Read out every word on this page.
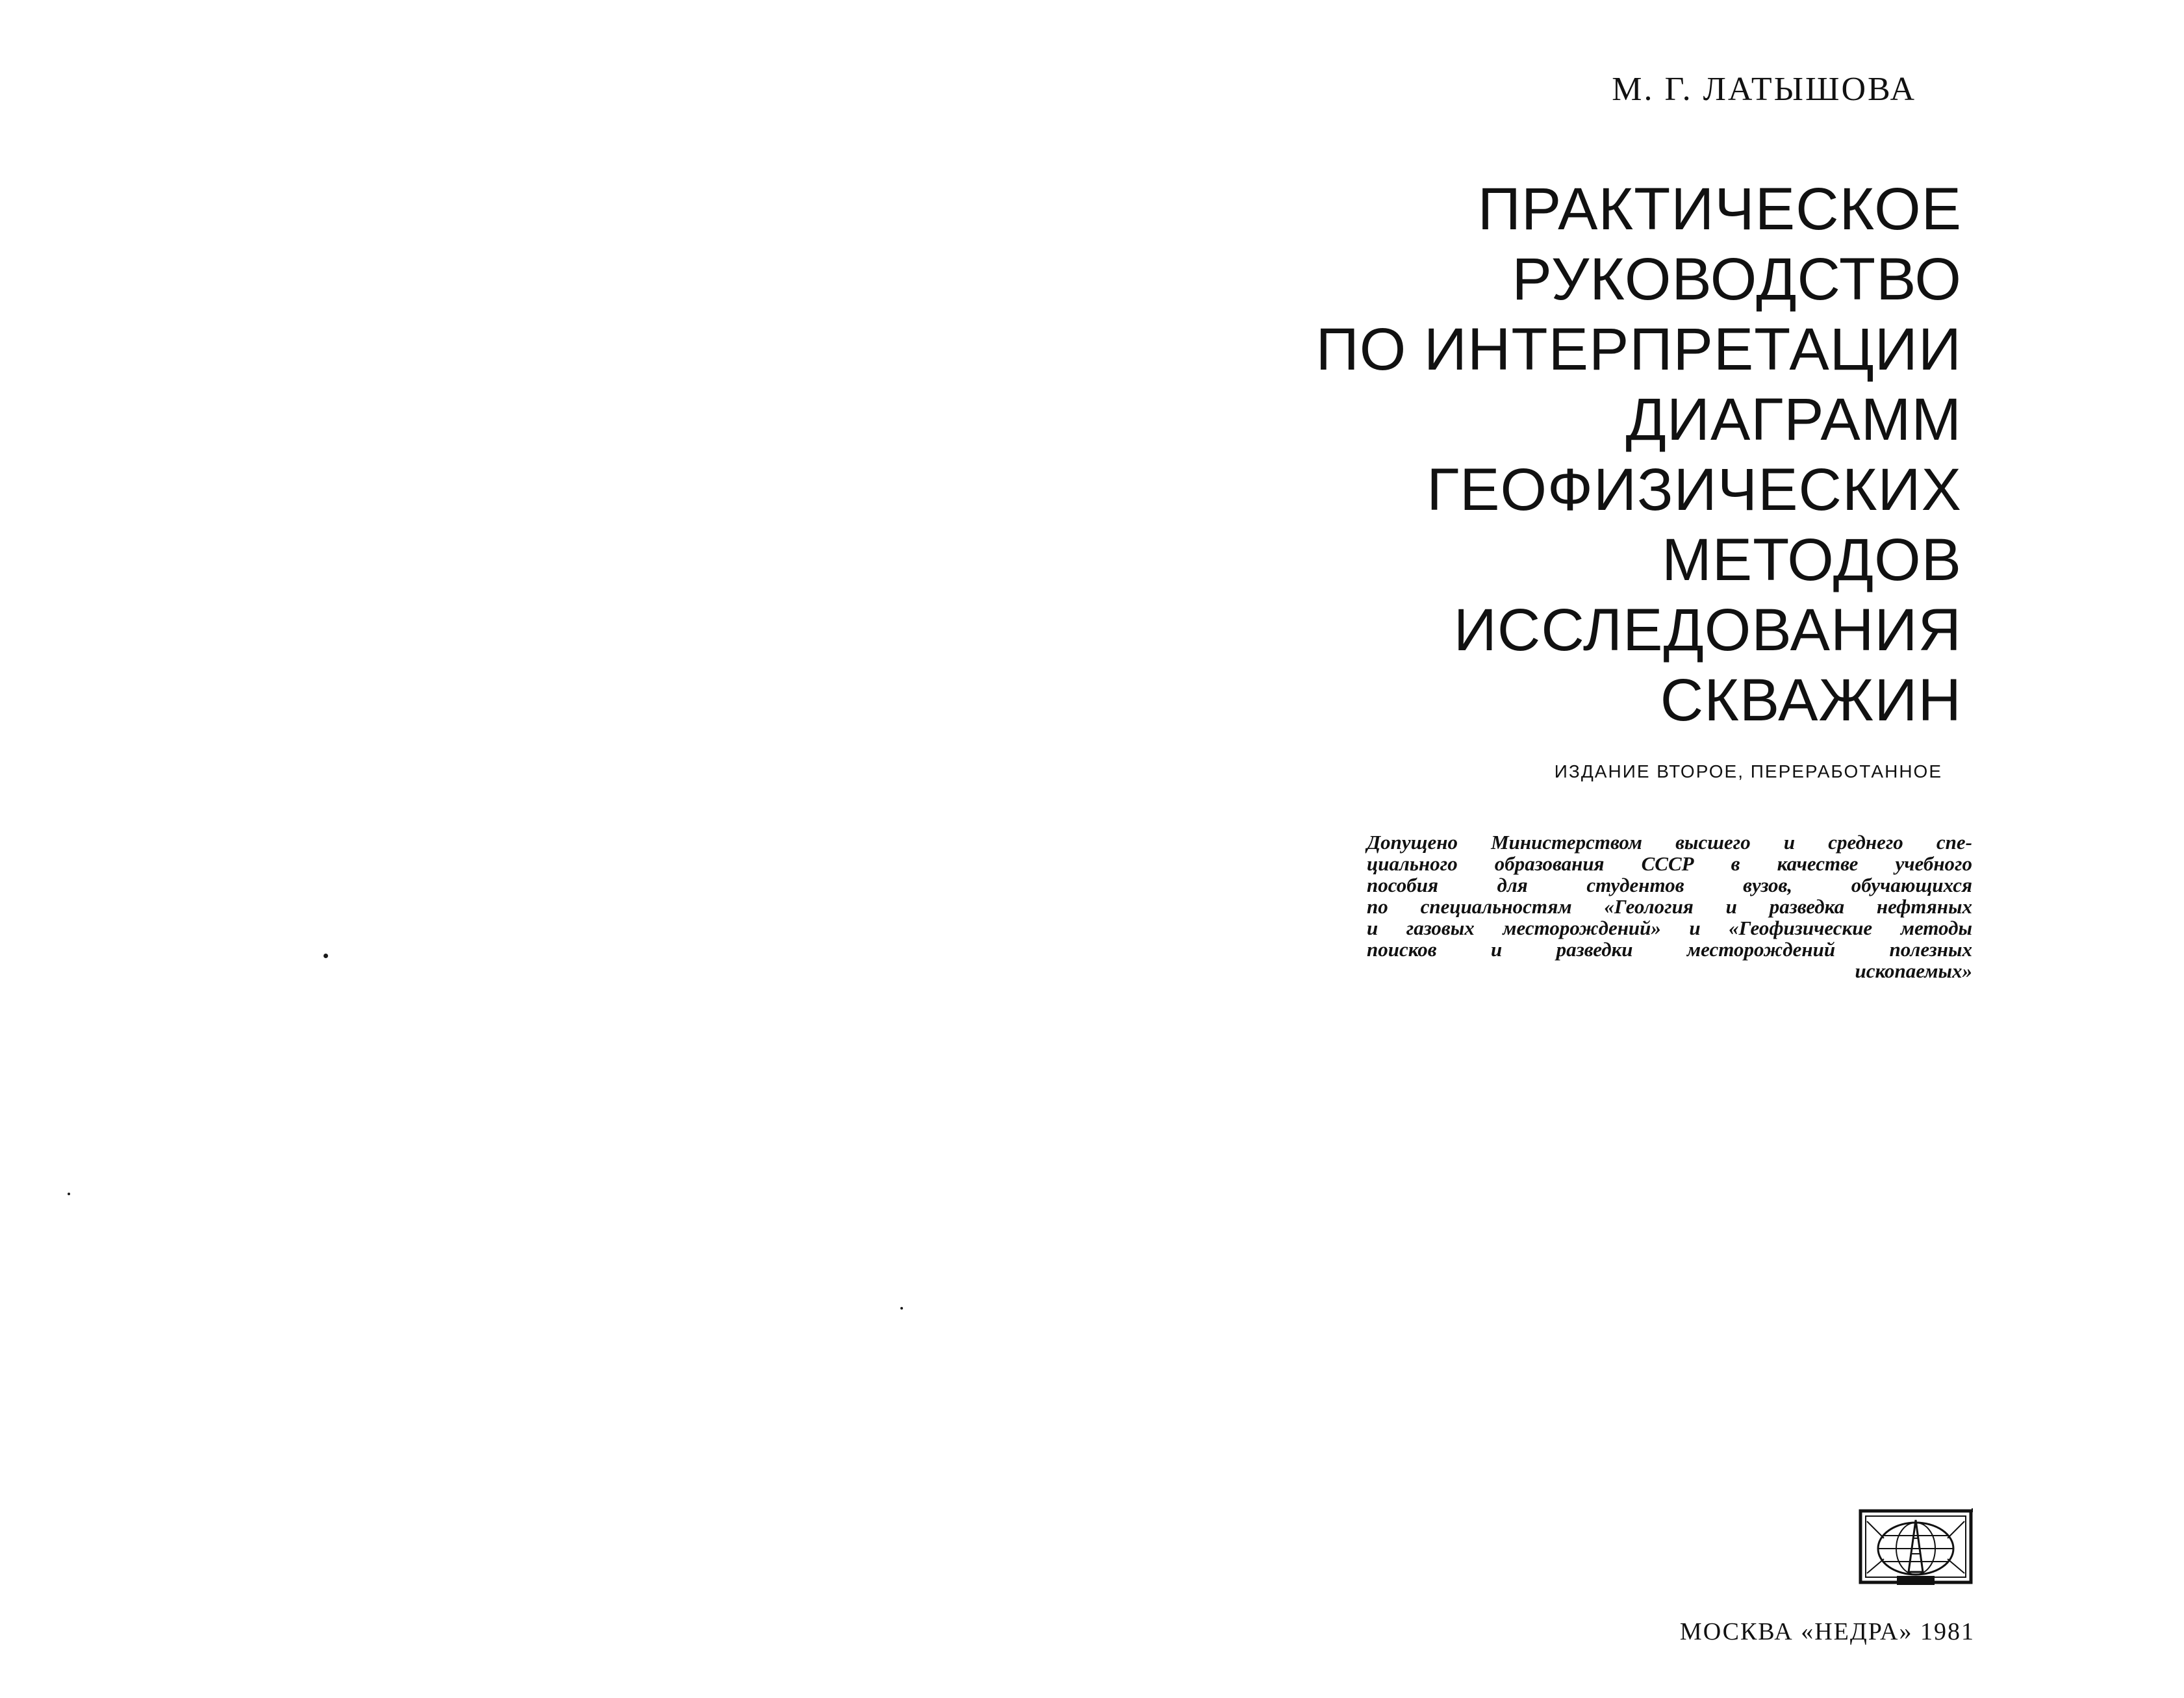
М. Г. ЛАТЫШОВА
ПРАКТИЧЕСКОЕ
РУКОВОДСТВО
ПО ИНТЕРПРЕТАЦИИ
ДИАГРАММ
ГЕОФИЗИЧЕСКИХ
МЕТОДОВ
ИССЛЕДОВАНИЯ
СКВАЖИН
ИЗДАНИЕ ВТОРОЕ, ПЕРЕРАБОТАННОЕ
Допущено Министерством высшего и среднего спе-
циального образования СССР в качестве учебного
пособия для студентов вузов, обучающихся
по специальностям «Геология и разведка нефтяных
и газовых месторождений» и «Геофизические методы
поисков и разведки месторождений полезных
ископаемых»
МОСКВА «НЕДРА» 1981
